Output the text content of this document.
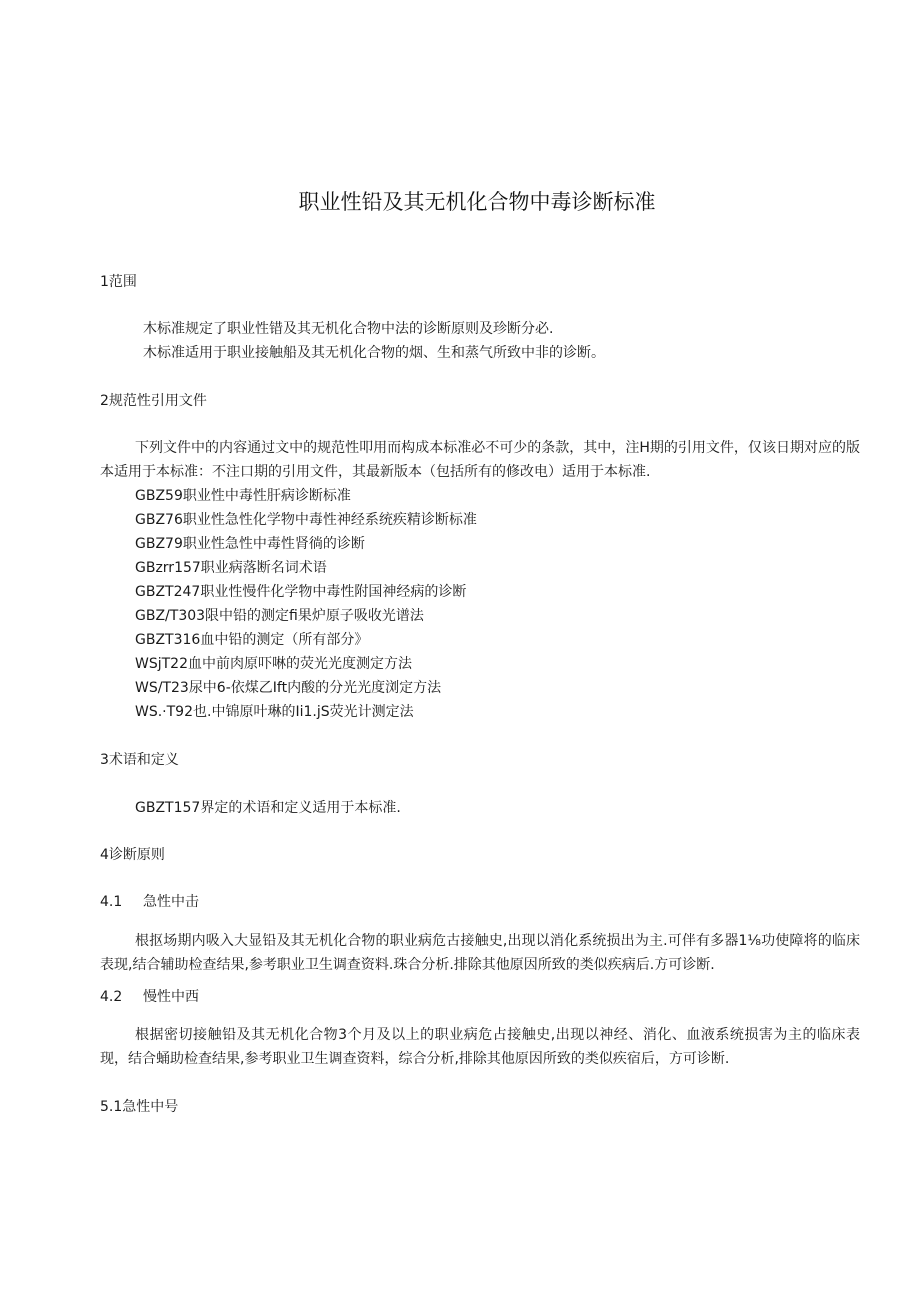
职业性铅及其无机化合物中毒诊断标准
1范围
木标准规定了职业性错及其无机化合物中法的诊断原则及珍断分必.
木标准适用于职业接触船及其无机化合物的烟、生和蒸气所致中非的诊断。
2规范性引用文件
下列文件中的内容通过文中的规范性叩用而构成本标准必不可少的条款，其中，注H期的引用文件，仅该日期对应的版本适用于本标准：不注口期的引用文件，其最新版本（包括所有的修改电）适用于本标准.
GBZ59职业性中毒性肝病诊断标准
GBZ76职业性急性化学物中毒性神经系统疾精诊断标准
GBZ79职业性急性中毒性肾徜的诊断
GBzrr157职业病落断名词术语
GBZT247职业性慢件化学物中毒性附国神经病的诊断
GBZ/T303限中铅的测定fi果炉原子吸收光谱法
GBZT316血中铅的测定（所有部分》
WSjT22血中前肉原吓啉的荧光光度测定方法
WS/T23尿中6-依煤乙Ift内酸的分光光度浏定方法
WS.·T92也.中锦原叶琳的Ii1.jS荧光计测定法
3术语和定义
GBZT157界定的术语和定义适用于本标准.
4诊断原则
4.1 急性中击
根抠场期内吸入大显铅及其无机化合物的职业病危古接触史,出现以消化系统损出为主.可伴有多器1⅛功使障将的临床表现,结合辅助检查结果,参考职业卫生调查资料.珠合分析.排除其他原因所致的类似疾病后.方可诊断.
4.2 慢性中西
根据密切接触铅及其无机化合物3个月及以上的职业病危占接触史,出现以神经、消化、血液系统损害为主的临床表现，结合蛹助检查结果,参考职业卫生调查资料，综合分析,排除其他原因所致的类似疾宿后，方可诊断.
5.1急性中号
